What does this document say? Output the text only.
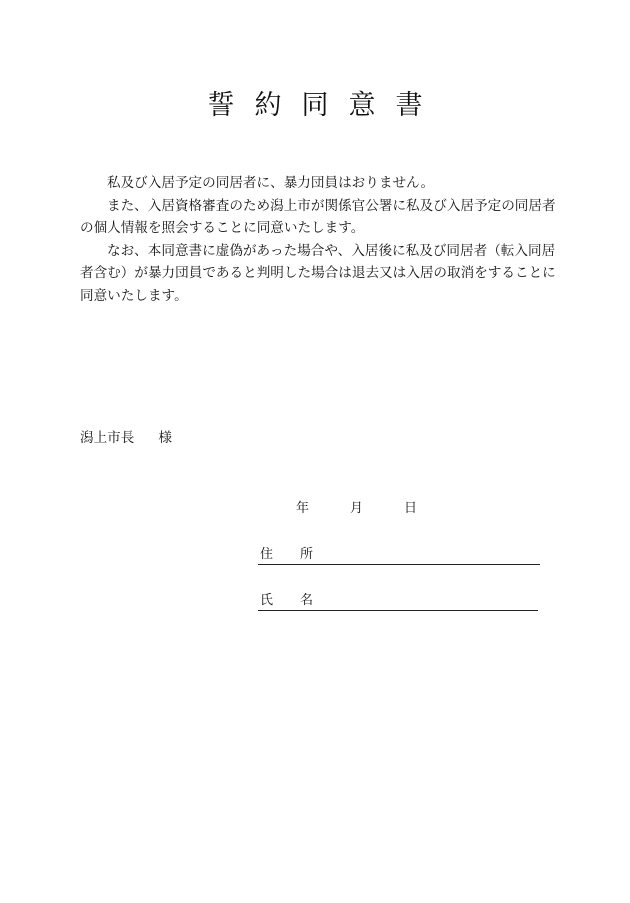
誓約同意書

私及び入居予定の同居者に、暴力団員はおりません。

また、入居資格審査のため潟上市が関係官公署に私及び入居予定の同居者の個人情報を照会することに同意いたします。

なお、本同意書に虚偽があった場合や、入居後に私及び同居者（転入同居者含む）が暴力団員であると判明した場合は退去又は入居の取消をすることに同意いたします。

潟上市長 様
年	月	日
住 所
氏 名
